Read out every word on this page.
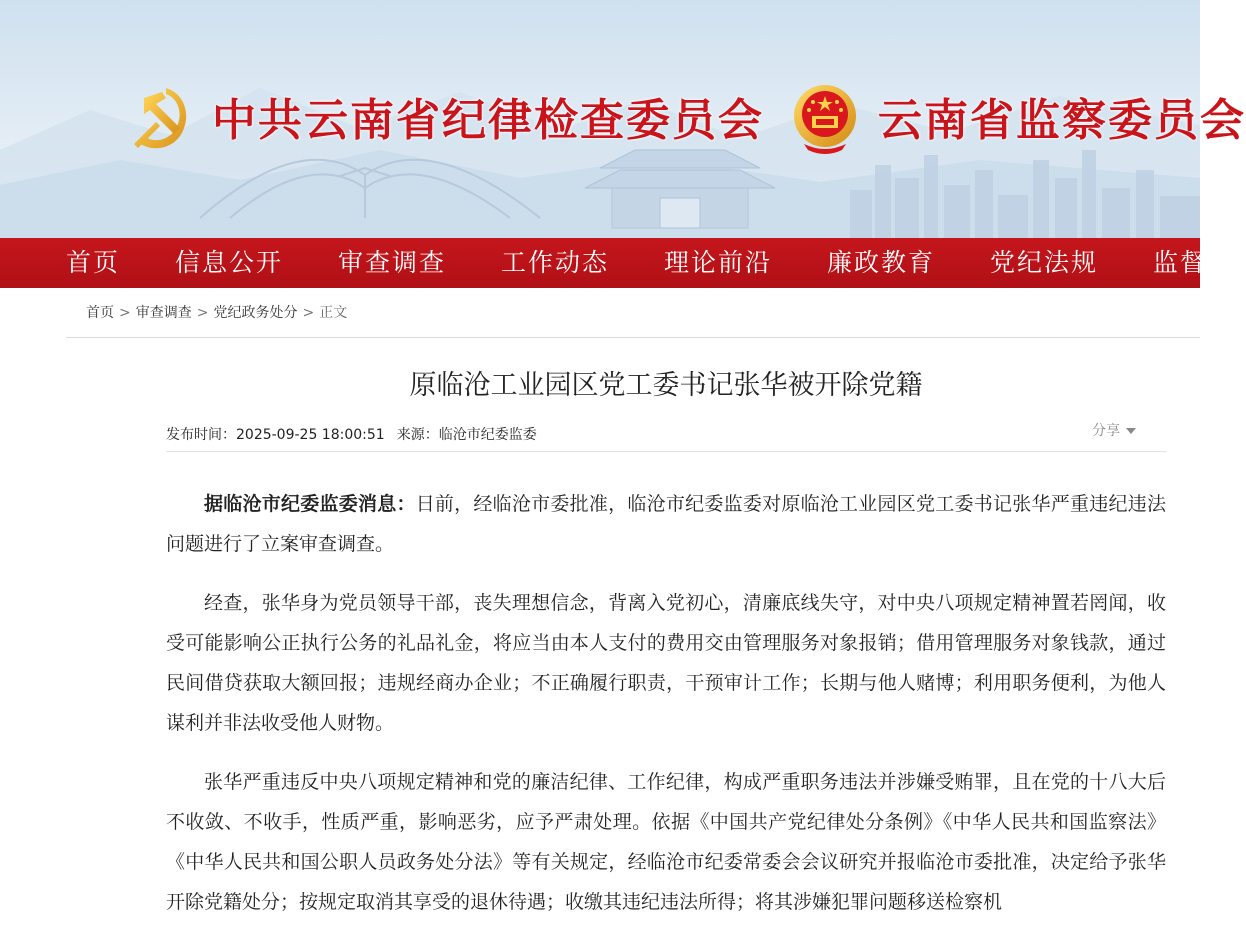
中共云南省纪律检查委员会	云南省监察委员会
首页 信息公开 审查调查 工作动态 理论前沿 廉政教育 党纪法规 监督
首页 > 审查调查 > 党纪政务处分 > 正文
原临沧工业园区党工委书记张华被开除党籍
发布时间：2025-09-25 18:00:51 来源：临沧市纪委监委	分享

据临沧市纪委监委消息：日前，经临沧市委批准，临沧市纪委监委对原临沧工业园区党工委书记张华严重违纪违法问题进行了立案审查调查。

经查，张华身为党员领导干部，丧失理想信念，背离入党初心，清廉底线失守，对中央八项规定精神置若罔闻，收受可能影响公正执行公务的礼品礼金，将应当由本人支付的费用交由管理服务对象报销；借用管理服务对象钱款，通过民间借贷获取大额回报；违规经商办企业；不正确履行职责，干预审计工作；长期与他人赌博；利用职务便利，为他人谋利并非法收受他人财物。

张华严重违反中央八项规定精神和党的廉洁纪律、工作纪律，构成严重职务违法并涉嫌受贿罪，且在党的十八大后不收敛、不收手，性质严重，影响恶劣，应予严肃处理。依据《中国共产党纪律处分条例》《中华人民共和国监察法》《中华人民共和国公职人员政务处分法》等有关规定，经临沧市纪委常委会会议研究并报临沧市委批准，决定给予张华开除党籍处分；按规定取消其享受的退休待遇；收缴其违纪违法所得；将其涉嫌犯罪问题移送检察机
